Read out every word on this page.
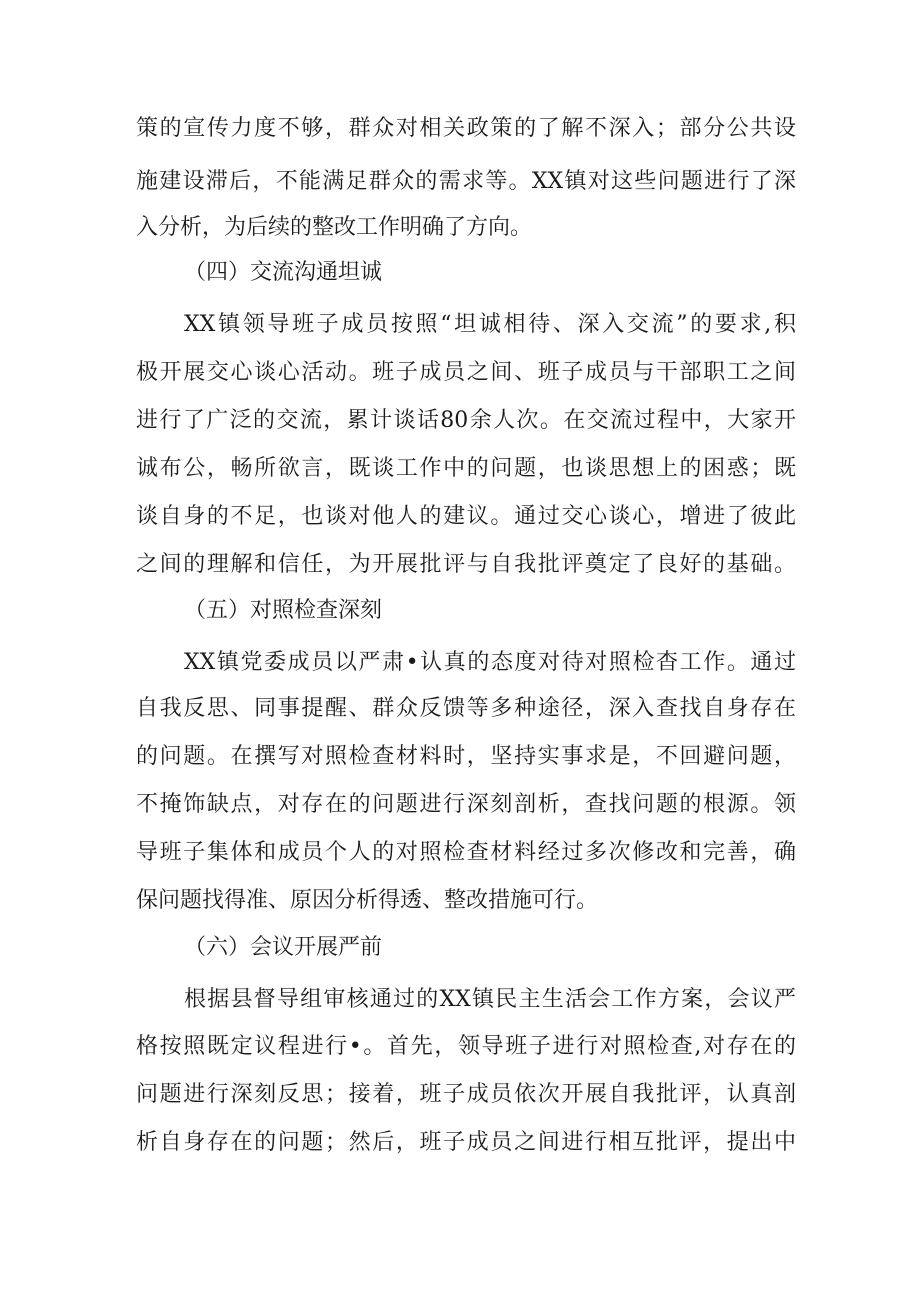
策的宣传力度不够，群众对相关政策的了解不深入；部分公共设
施建设滞后，不能满足群众的需求等。XX镇对这些问题进行了深
入分析，为后续的整改工作明确了方向。
（四）交流沟通坦诚
XX镇领导班子成员按照“坦诚相待、深入交流”的要求,积
极开展交心谈心活动。班子成员之间、班子成员与干部职工之间
进行了广泛的交流，累计谈话80余人次。在交流过程中，大家开
诚布公，畅所欲言，既谈工作中的问题，也谈思想上的困惑；既
谈自身的不足，也谈对他人的建议。通过交心谈心，增进了彼此
之间的理解和信任，为开展批评与自我批评奠定了良好的基础。
（五）对照检查深刻
XX镇党委成员以严肃•认真的态度对待对照检杳工作。通过
自我反思、同事提醒、群众反馈等多种途径，深入查找自身存在
的问题。在撰写对照检查材料时，坚持实事求是，不回避问题，
不掩饰缺点，对存在的问题进行深刻剖析，查找问题的根源。领
导班子集体和成员个人的对照检查材料经过多次修改和完善，确
保问题找得准、原因分析得透、整改措施可行。
（六）会议开展严前
根据县督导组审核通过的XX镇民主生活会工作方案，会议严
格按照既定议程进行•。首先，领导班子进行对照检查,对存在的
问题进行深刻反思；接着，班子成员依次开展自我批评，认真剖
析自身存在的问题；然后，班子成员之间进行相互批评，提出中
